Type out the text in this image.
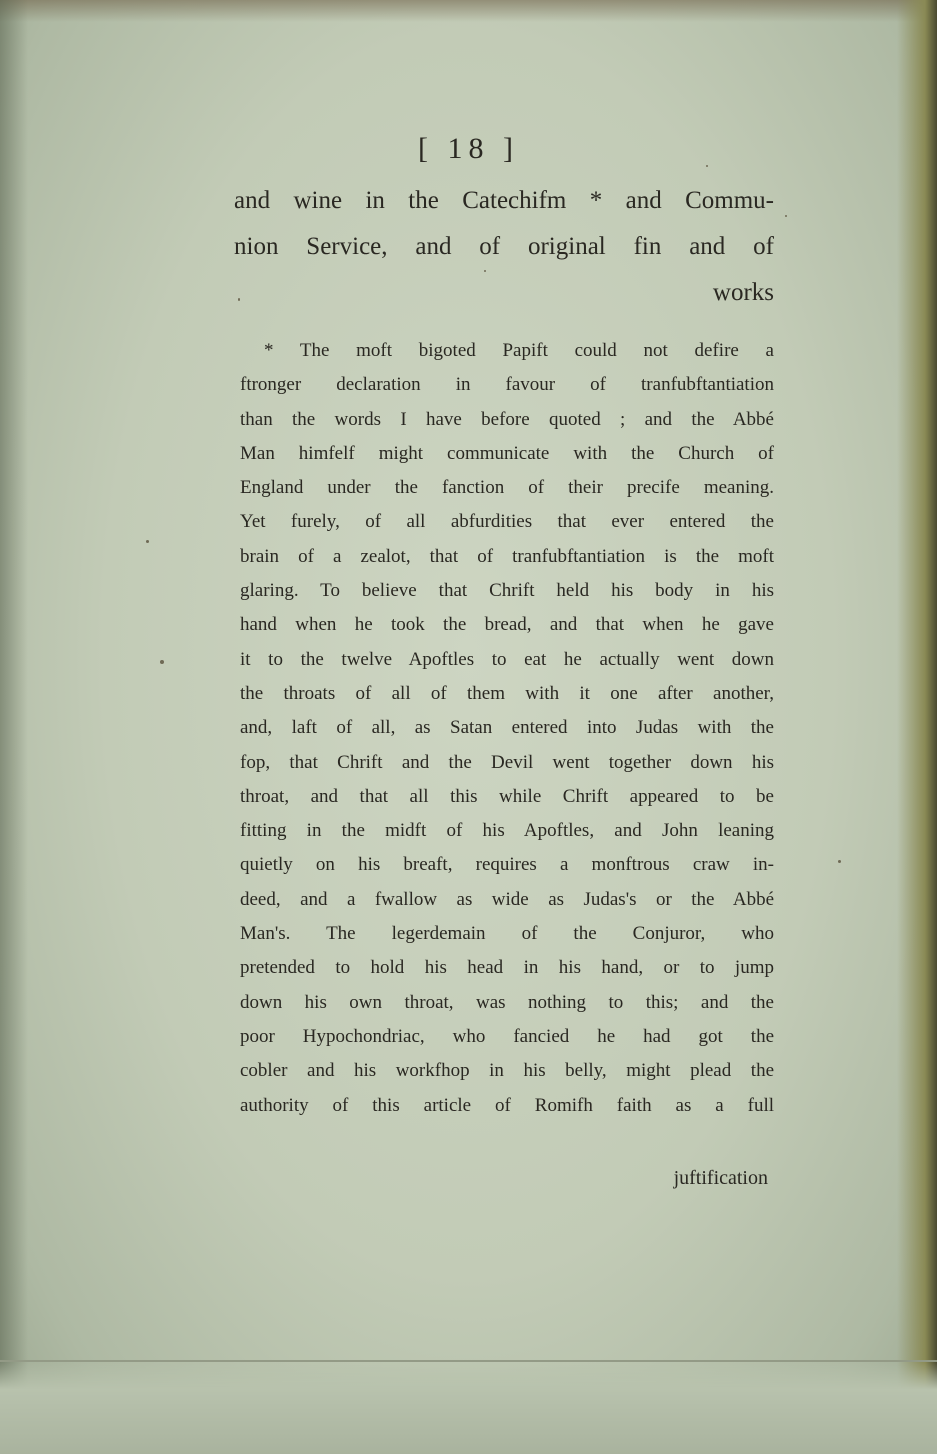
[ 18 ]
and wine in the Catechifm * and Commu-
nion Service, and of original fin and of
works
* The moft bigoted Papift could not defire a
ftronger declaration in favour of tranfubftantiation
than the words I have before quoted ; and the Abbé
Man himfelf might communicate with the Church of
England under the fanction of their precife meaning.
Yet furely, of all abfurdities that ever entered the
brain of a zealot, that of tranfubftantiation is the moft
glaring. To believe that Chrift held his body in his
hand when he took the bread, and that when he gave
it to the twelve Apoftles to eat he actually went down
the throats of all of them with it one after another,
and, laft of all, as Satan entered into Judas with the
fop, that Chrift and the Devil went together down his
throat, and that all this while Chrift appeared to be
fitting in the midft of his Apoftles, and John leaning
quietly on his breaft, requires a monftrous craw in-
deed, and a fwallow as wide as Judas's or the Abbé
Man's. The legerdemain of the Conjuror, who
pretended to hold his head in his hand, or to jump
down his own throat, was nothing to this; and the
poor Hypochondriac, who fancied he had got the
cobler and his workfhop in his belly, might plead the
authority of this article of Romifh faith as a full
juftification
